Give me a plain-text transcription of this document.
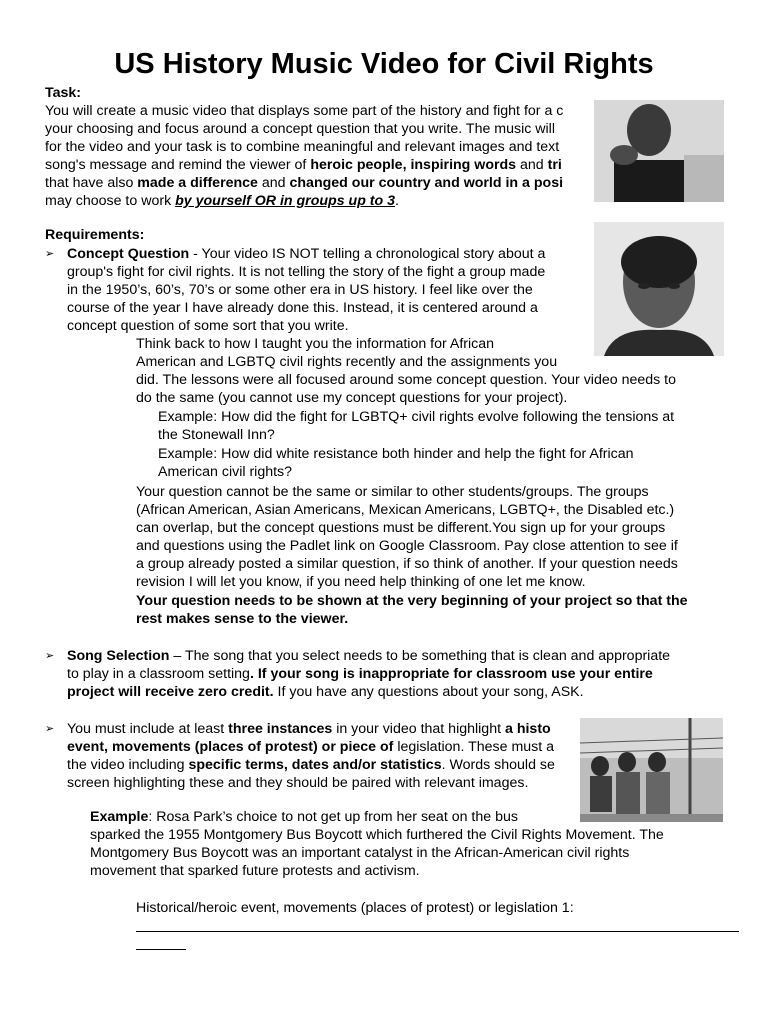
US History Music Video for Civil Rights
Task:
You will create a music video that displays some part of the history and fight for a c
your choosing and focus around a concept question that you write. The music will
for the video and your task is to combine meaningful and relevant images and text
song's message and remind the viewer of heroic people, inspiring words and tri
that have also made a difference and changed our country and world in a posi
may choose to work by yourself OR in groups up to 3.
Requirements:
➢ Concept Question - Your video IS NOT telling a chronological story about a
group's fight for civil rights. It is not telling the story of the fight a group made
in the 1950’s, 60’s, 70’s or some other era in US history. I feel like over the
course of the year I have already done this. Instead, it is centered around a
concept question of some sort that you write.
Think back to how I taught you the information for African
American and LGBTQ civil rights recently and the assignments you
did. The lessons were all focused around some concept question. Your video needs to
do the same (you cannot use my concept questions for your project).
Example: How did the fight for LGBTQ+ civil rights evolve following the tensions at
the Stonewall Inn?
Example: How did white resistance both hinder and help the fight for African
American civil rights?
Your question cannot be the same or similar to other students/groups. The groups
(African American, Asian Americans, Mexican Americans, LGBTQ+, the Disabled etc.)
can overlap, but the concept questions must be different.You sign up for your groups
and questions using the Padlet link on Google Classroom. Pay close attention to see if
a group already posted a similar question, if so think of another. If your question needs
revision I will let you know, if you need help thinking of one let me know.
Your question needs to be shown at the very beginning of your project so that the
rest makes sense to the viewer.
➢ Song Selection – The song that you select needs to be something that is clean and appropriate
to play in a classroom setting. If your song is inappropriate for classroom use your entire
project will receive zero credit. If you have any questions about your song, ASK.
➢ You must include at least three instances in your video that highlight a histo
event, movements (places of protest) or piece of legislation. These must a
the video including specific terms, dates and/or statistics. Words should se
screen highlighting these and they should be paired with relevant images.
Example: Rosa Park’s choice to not get up from her seat on the bus
sparked the 1955 Montgomery Bus Boycott which furthered the Civil Rights Movement. The
Montgomery Bus Boycott was an important catalyst in the African-American civil rights
movement that sparked future protests and activism.
Historical/heroic event, movements (places of protest) or legislation 1:
